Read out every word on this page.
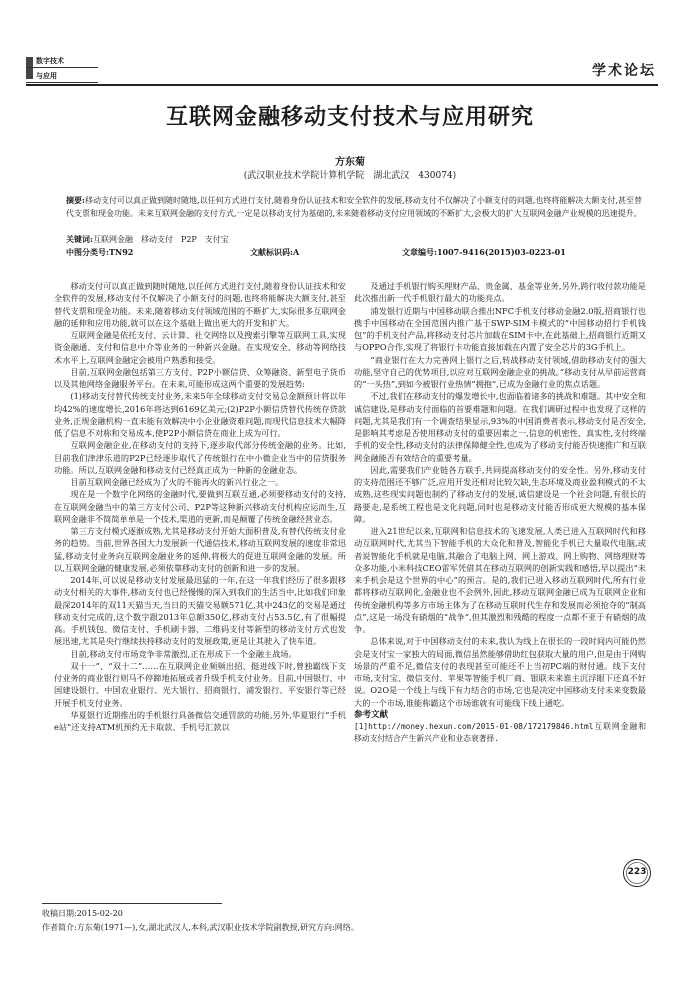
数字技术
与应用	学术论坛
互联网金融移动支付技术与应用研究
方东菊
(武汉职业技术学院计算机学院　湖北武汉　430074)
摘要:移动支付可以真正做到随时随地,以任何方式进行支付,随着身份认证技术和安全软件的发展,移动支付不仅解决了小额支付的问题,也终将能解决大额支付,甚至替代支票和现金功能。未来互联网金融的支付方式,一定是以移动支付为基础的,未来随着移动支付应用领域的不断扩大,会极大的扩大互联网金融产业规模的迅速提升。
关键词:互联网金融　移动支付　P2P　支付宝
中图分类号:TN92	文献标识码:A	文章编号:1007-9416(2015)03-0223-01

移动支付可以真正做到随时随地,以任何方式进行支付,随着身份认证技术和安全软件的发展,移动支付不仅解决了小额支付的问题,也终将能解决大额支付,甚至替代支票和现金功能。未来,随着移动支付领域范围的不断扩大,实际很多互联网金融的延伸和应用功能,就可以在这个基础上做出更大的开发和扩大。

互联网金融是依托支付、云计算、社交网络以及搜索引擎等互联网工具,实现资金融通、支付和信息中介等业务的一种新兴金融。在实现安全、移动等网络技术水平上,互联网金融定会被用户熟悉和接受。

目前,互联网金融包括第三方支付、P2P小额信贷、众筹融资、新型电子货币以及其他网络金融服务平台。在未来,可能形成这两个重要的发展趋势:

(1)移动支付替代传统支付业务,未来5年全球移动支付交易总金额预计将以年均42%的速度增长,2016年将达到6169亿美元;(2)P2P小额信贷替代传统存贷款业务,正规金融机构一直未能有效解决中小企业融资难问题,而现代信息技术大幅降低了信息不对称和交易成本,使P2P小额信贷在商业上成为可行。

互联网金融企业,在移动支付的支持下,逐步取代部分传统金融的业务。比如,目前我们津津乐道的P2P已经逐步取代了传统银行在中小微企业当中的信贷服务功能。所以,互联网金融和移动支付已经真正成为一种新的金融业态。

目前互联网金融已经成为了火的不能再火的新兴行业之一。

现在是一个数字化网络的金融时代,要做到互联互通,必须要移动支付的支持,在互联网金融当中的第三方支付公司、P2P等这种新兴移动支付机构应运而生,互联网金融非不简简单单是一个技术,渠道的更新,而是颠覆了传统金融经营业态。

第三方支付模式逐渐成熟,尤其是移动支付开始大面积普及,有替代传统支付业务的趋势。当前,世界各国大力发展新一代通信技术,移动互联网发展的速度非常迅猛,移动支付业务向互联网金融业务的延伸,将极大的促进互联网金融的发展。所以,互联网金融的健康发展,必须依靠移动支付的创新和进一步的发展。

2014年,可以说是移动支付发展最迅猛的一年,在这一年我们经历了很多跟移动支付相关的大事件,移动支付也已经慢慢的深入到我们的生活当中,比如我们印象最深2014年的双11天猫当天,当日的天猫交易额571亿,其中243亿的交易是通过移动支付完成的,这个数字跟2013年总额350亿,移动支付占53.5亿,有了很幅提高。手机钱包、微信支付、手机刷卡器、二维码支付等新型的移动支付方式也发展迅速,尤其是央行继续扶持移动支付的发展政策,更是让其驶入了快车道。

目前,移动支付市场竞争非常激烈,正在形成下一个金融主战场。

双十一”、“双十二”……在互联网企业频频出招、挺进线下时,曾独霸线下支付业务的商业银行则马不停蹄地拓展或者升级手机支付业务。目前,中国银行、中国建设银行、中国农业银行、光大银行、招商银行、浦发银行、平安银行等已经开展手机支付业务。

华夏银行近期推出的手机银行具备微信交通罚款的功能,另外,华夏银行“手机e站”还支持ATM机预约无卡取款、手机号汇款以

及通过手机银行购买理财产品、贵金属、基金等业务,另外,跨行收付款功能是此次推出新一代手机银行最大的功能亮点。

浦发银行近期与中国移动联合推出NFC手机支付移动金融2.0版,招商银行也携手中国移动在全国范围内推广基于SWP-SIM卡模式的“中国移动招行手机钱包”的手机支付产品,将移动支付芯片加载在SIM卡中,在此基础上,招商银行近期又与OPPO合作,实现了将银行卡功能直接加载在内置了安全芯片的3G手机上。

“商业银行在大力完善网上银行之后,转战移动支付领域,借助移动支付的强大功能,坚守自己的优势项目,以应对互联网金融企业的挑战。”移动支付从早前运营商的“一头热”,到如今被银行业热情“拥抱”,已成为金融行业的焦点话题。

不过,我们在移动支付的爆发增长中,也面临着诸多的挑战和难题。其中安全和诚信建设,是移动支付面临的首要难题和问题。在我们调研过程中也发现了这样的问题,尤其是我们有一个调查结果显示,93%的中国消费者表示,移动支付是否安全,是影响其考虑是否使用移动支付的重要因素之一,信息的机密性、真实性,支付终端手机的安全性,移动支付的法律保障健全性,也成为了移动支付能否快速推广和互联网金融能否有效结合的重要考量。

因此,需要我们产业链各方联手,共同提高移动支付的安全性。另外,移动支付的支持范围还不够广泛,应用开发还相对比较欠缺,生态环境及商业盈利模式的不太成熟,这些现实问题也制约了移动支付的发展,诚信建设是一个社会问题,有很长的路要走,是系统工程也是文化问题,同时也是移动支付能否形成更大规模的基本保障。

进入21世纪以来,互联网和信息技术的飞速发展,人类已进入互联网时代和移动互联网时代,尤其当下智能手机的大众化和普及,智能化手机已大量取代电脑,或者说智能化手机就是电脑,其融合了电脑上网、网上游戏、网上购物、网络理财等众多功能,小米科技CEO雷军凭借其在移动互联网的创新实践和感悟,早以提出“未来手机会是这个世界的中心”的预言。是的,我们已进入移动互联网时代,所有行业都将移动互联网化,金融业也不会例外,因此,移动互联网金融已成为互联网企业和传统金融机构等多方市场主体为了在移动互联时代生存和发展而必须抢夺的“制高点”,这是一场没有硝烟的“战争”,但其激烈和残酷的程度一点都不亚于有硝烟的战争。

总体来说,对于中国移动支付的未来,我认为线上在很长的一段时间内可能仍然会是支付宝一家独大的局面,微信虽然能够借助红包获取大量的用户,但是由于网购场景的严重不足,微信支付的表现甚至可能还不上当初PC端的财付通。线下支付市场,支付宝、微信支付、苹果等智能手机厂商、银联未来谁主沉浮眼下还真不好说。O2O是一个线上与线下有力结合的市场,它也是决定中国移动支付未来变数最大的一个市场,谁能称霸这个市场谁就有可能线下线上通吃。

参考文献

[1]http://money.hexun.com/2015-01-08/172179846.html互联网金融和移动支付结合产生新兴产业和业态衰著择.

收稿日期:2015-02-20
作者简介:方东菊(1971—),女,湖北武汉人,本科,武汉职业技术学院副教授,研究方向:网络。
223
